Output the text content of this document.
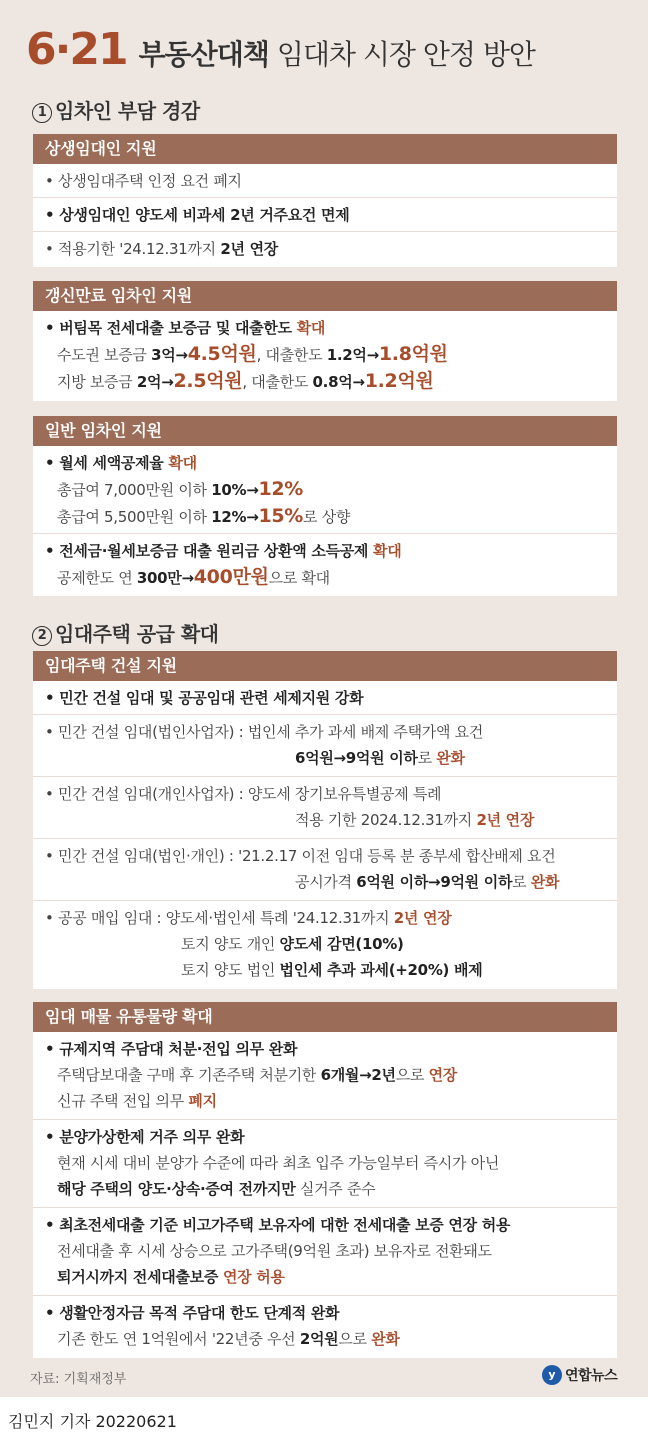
6·21 부동산대책 임대차 시장 안정 방안
1 임차인 부담 경감
상생임대인 지원
• 상생임대주택 인정 요건 폐지
• 상생임대인 양도세 비과세 2년 거주요건 면제
• 적용기한 '24.12.31까지 2년 연장
갱신만료 임차인 지원
• 버팀목 전세대출 보증금 및 대출한도 확대
수도권 보증금 3억→4.5억원, 대출한도 1.2억→1.8억원
지방 보증금 2억→2.5억원, 대출한도 0.8억→1.2억원
일반 임차인 지원
• 월세 세액공제율 확대
총급여 7,000만원 이하 10%→12%
총급여 5,500만원 이하 12%→15%로 상향
• 전세금·월세보증금 대출 원리금 상환액 소득공제 확대
공제한도 연 300만→400만원으로 확대
2 임대주택 공급 확대
임대주택 건설 지원
• 민간 건설 임대 및 공공임대 관련 세제지원 강화
• 민간 건설 임대(법인사업자) : 법인세 추가 과세 배제 주택가액 요건
6억원→9억원 이하로 완화
• 민간 건설 임대(개인사업자) : 양도세 장기보유특별공제 특례
적용 기한 2024.12.31까지 2년 연장
• 민간 건설 임대(법인·개인) : '21.2.17 이전 임대 등록 분 종부세 합산배제 요건
공시가격 6억원 이하→9억원 이하로 완화
• 공공 매입 임대 : 양도세·법인세 특례 '24.12.31까지 2년 연장
토지 양도 개인 양도세 감면(10%)
토지 양도 법인 법인세 추과 과세(+20%) 배제
임대 매물 유통물량 확대
• 규제지역 주담대 처분·전입 의무 완화
주택담보대출 구매 후 기존주택 처분기한 6개월→2년으로 연장
신규 주택 전입 의무 폐지
• 분양가상한제 거주 의무 완화
현재 시세 대비 분양가 수준에 따라 최초 입주 가능일부터 즉시가 아닌
해당 주택의 양도·상속·증여 전까지만 실거주 준수
• 최초전세대출 기준 비고가주택 보유자에 대한 전세대출 보증 연장 허용
전세대출 후 시세 상승으로 고가주택(9억원 초과) 보유자로 전환돼도
퇴거시까지 전세대출보증 연장 허용
• 생활안정자금 목적 주담대 한도 단계적 완화
기존 한도 연 1억원에서 '22년중 우선 2억원으로 완화
자료: 기획재정부	y 연합뉴스
김민지 기자 20220621
